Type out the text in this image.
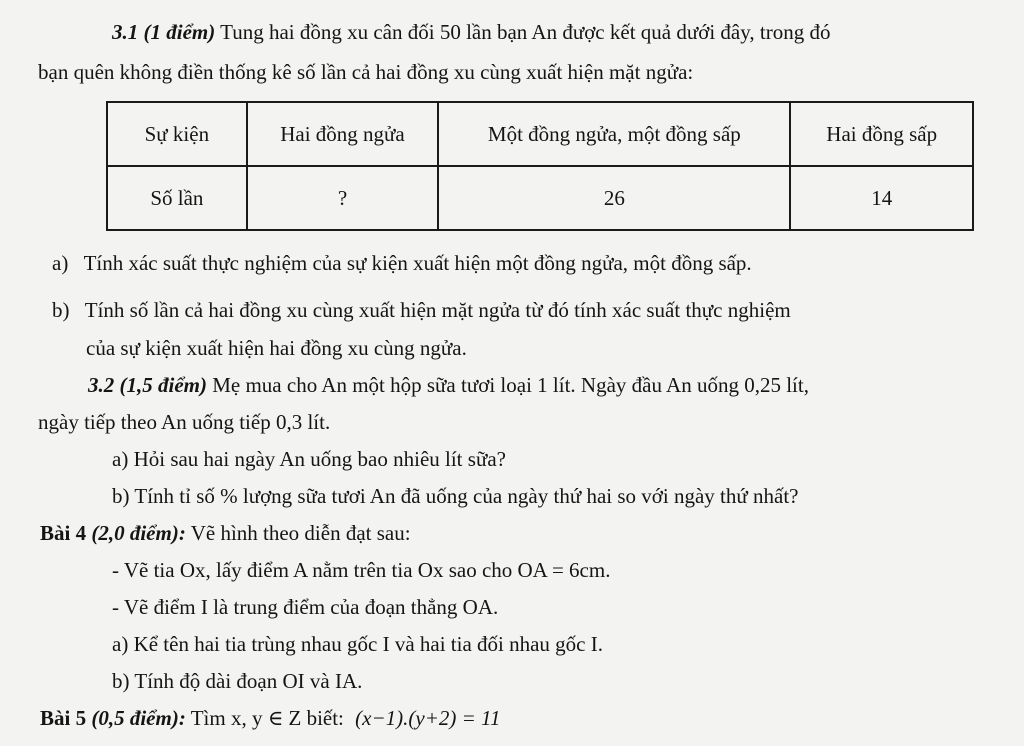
3.1 (1 điểm) Tung hai đồng xu cân đối 50 lần bạn An được kết quả dưới đây, trong đó
bạn quên không điền thống kê số lần cả hai đồng xu cùng xuất hiện mặt ngửa:
Sự kiện	Hai đồng ngửa	Một đồng ngửa, một đồng sấp	Hai đồng sấp
Số lần	?	26	14
a) Tính xác suất thực nghiệm của sự kiện xuất hiện một đồng ngửa, một đồng sấp.
b) Tính số lần cả hai đồng xu cùng xuất hiện mặt ngửa từ đó tính xác suất thực nghiệm
của sự kiện xuất hiện hai đồng xu cùng ngửa.
3.2 (1,5 điểm) Mẹ mua cho An một hộp sữa tươi loại 1 lít. Ngày đầu An uống 0,25 lít,
ngày tiếp theo An uống tiếp 0,3 lít.
a) Hỏi sau hai ngày An uống bao nhiêu lít sữa?
b) Tính tỉ số % lượng sữa tươi An đã uống của ngày thứ hai so với ngày thứ nhất?
Bài 4 (2,0 điểm): Vẽ hình theo diễn đạt sau:
- Vẽ tia Ox, lấy điểm A nằm trên tia Ox sao cho OA = 6cm.
- Vẽ điểm I là trung điểm của đoạn thẳng OA.
a) Kể tên hai tia trùng nhau gốc I và hai tia đối nhau gốc I.
b) Tính độ dài đoạn OI và IA.
Bài 5 (0,5 điểm): Tìm x, y ∈ Z biết: (x−1).(y+2) = 11
